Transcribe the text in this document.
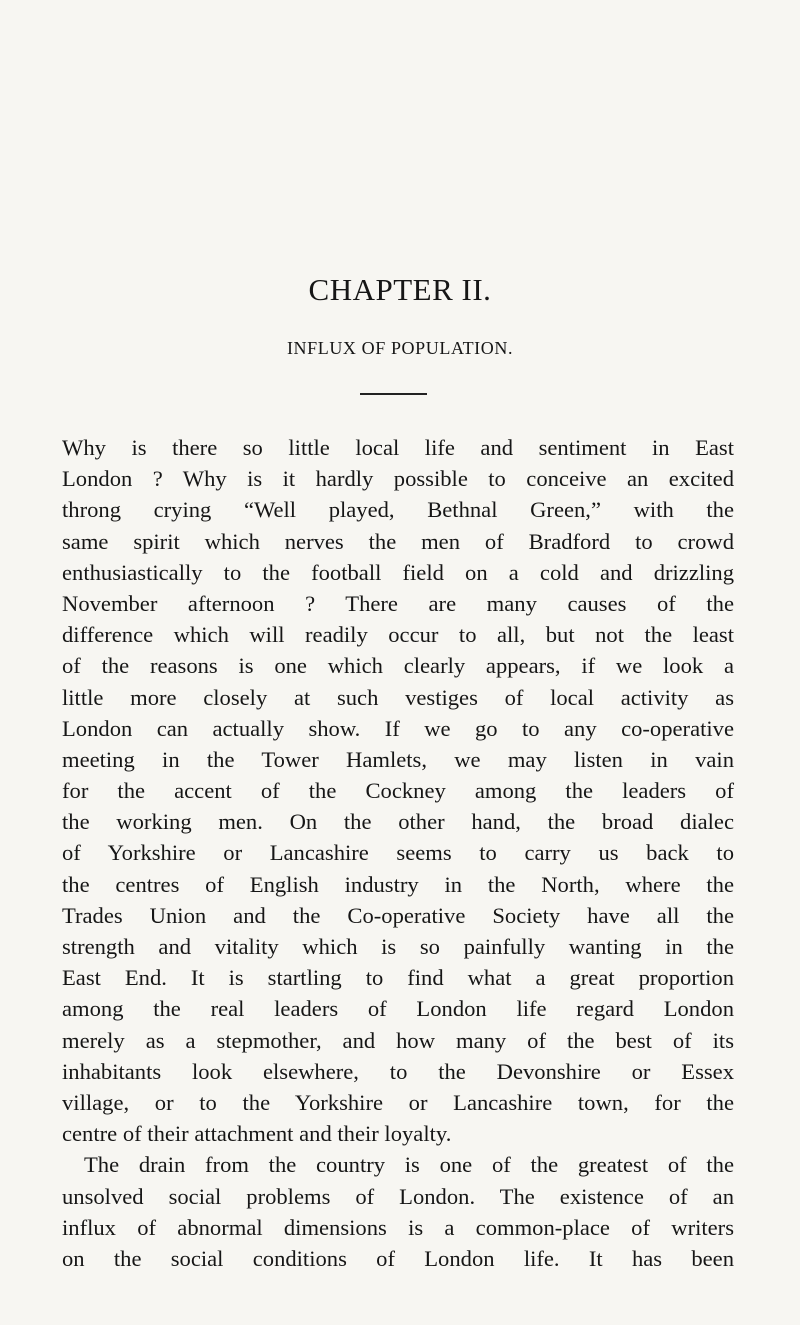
CHAPTER II.
INFLUX OF POPULATION.
Why is there so little local life and sentiment in East
London ? Why is it hardly possible to conceive an excited
throng crying “Well played, Bethnal Green,” with the
same spirit which nerves the men of Bradford to crowd
enthusiastically to the football field on a cold and drizzling
November afternoon ? There are many causes of the
difference which will readily occur to all, but not the least
of the reasons is one which clearly appears, if we look a
little more closely at such vestiges of local activity as
London can actually show. If we go to any co-operative
meeting in the Tower Hamlets, we may listen in vain
for the accent of the Cockney among the leaders of
the working men. On the other hand, the broad dialec
of Yorkshire or Lancashire seems to carry us back to
the centres of English industry in the North, where the
Trades Union and the Co-operative Society have all the
strength and vitality which is so painfully wanting in the
East End. It is startling to find what a great proportion
among the real leaders of London life regard London
merely as a stepmother, and how many of the best of its
inhabitants look elsewhere, to the Devonshire or Essex
village, or to the Yorkshire or Lancashire town, for the
centre of their attachment and their loyalty.
The drain from the country is one of the greatest of the
unsolved social problems of London. The existence of an
influx of abnormal dimensions is a common-place of writers
on the social conditions of London life. It has been
